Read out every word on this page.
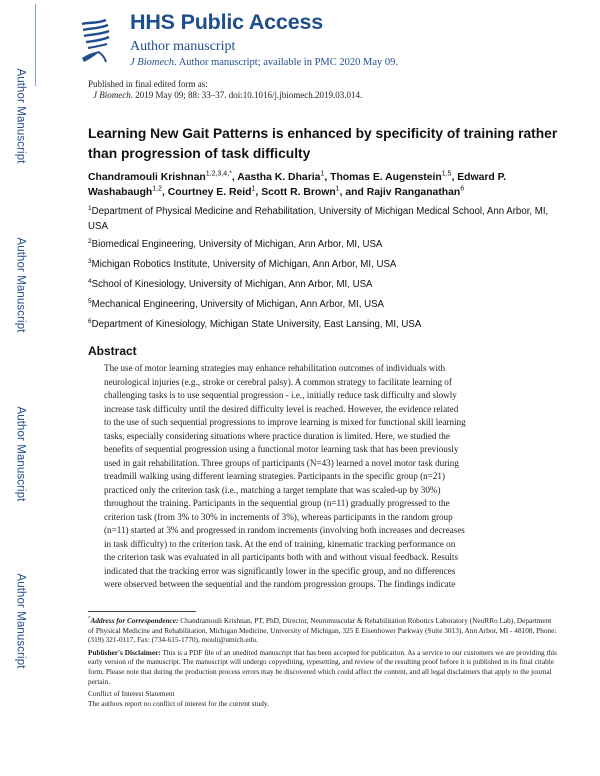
Author Manuscript
Author Manuscript
Author Manuscript
Author Manuscript
HHS Public Access
Author manuscript
J Biomech. Author manuscript; available in PMC 2020 May 09.
Published in final edited form as:
J Biomech. 2019 May 09; 88: 33–37. doi:10.1016/j.jbiomech.2019.03.014.
Learning New Gait Patterns is enhanced by specificity of training rather than progression of task difficulty
Chandramouli Krishnan$^{1,2,3,4,*}$, Aastha K. Dharia$^1$, Thomas E. Augenstein$^{1,5}$, Edward P. Washabaugh$^{1,2}$, Courtney E. Reid$^1$, Scott R. Brown$^1$, and Rajiv Ranganathan$^6$
$^1$Department of Physical Medicine and Rehabilitation, University of Michigan Medical School, Ann Arbor, MI, USA
$^2$Biomedical Engineering, University of Michigan, Ann Arbor, MI, USA
$^3$Michigan Robotics Institute, University of Michigan, Ann Arbor, MI, USA
$^4$School of Kinesiology, University of Michigan, Ann Arbor, MI, USA
$^5$Mechanical Engineering, University of Michigan, Ann Arbor, MI, USA
$^6$Department of Kinesiology, Michigan State University, East Lansing, MI, USA
Abstract
The use of motor learning strategies may enhance rehabilitation outcomes of individuals with
neurological injuries (e.g., stroke or cerebral palsy). A common strategy to facilitate learning of
challenging tasks is to use sequential progression - i.e., initially reduce task difficulty and slowly
increase task difficulty until the desired difficulty level is reached. However, the evidence related
to the use of such sequential progressions to improve learning is mixed for functional skill learning
tasks, especially considering situations where practice duration is limited. Here, we studied the
benefits of sequential progression using a functional motor learning task that has been previously
used in gait rehabilitation. Three groups of participants (N=43) learned a novel motor task during
treadmill walking using different learning strategies. Participants in the specific group (n=21)
practiced only the criterion task (i.e., matching a target template that was scaled-up by 30%)
throughout the training. Participants in the sequential group (n=11) gradually progressed to the
criterion task (from 3% to 30% in increments of 3%), whereas participants in the random group
(n=11) started at 3% and progressed in random increments (involving both increases and decreases
in task difficulty) to the criterion task. At the end of training, kinematic tracking performance on
the criterion task was evaluated in all participants both with and without visual feedback. Results
indicated that the tracking error was significantly lower in the specific group, and no differences
were observed between the sequential and the random progression groups. The findings indicate
*Address for Correspondence: Chandramouli Krishnan, PT, PhD, Director, Neuromuscular & Rehabilitation Robotics Laboratory (NeuRRo Lab), Department of Physical Medicine and Rehabilitation, Michigan Medicine, University of Michigan, 325 E Eisenhower Parkway (Suite 3013), Ann Arbor, MI - 48108, Phone: (319) 321-0117, Fax: (734-615-1770), mouli@umich.edu.
Publisher's Disclaimer: This is a PDF file of an unedited manuscript that has been accepted for publication. As a service to our customers we are providing this early version of the manuscript. The manuscript will undergo copyediting, typesetting, and review of the resulting proof before it is published in its final citable form. Please note that during the production process errors may be discovered which could affect the content, and all legal disclaimers that apply to the journal pertain.
Conflict of Interest Statement
The authors report no conflict of interest for the current study.
